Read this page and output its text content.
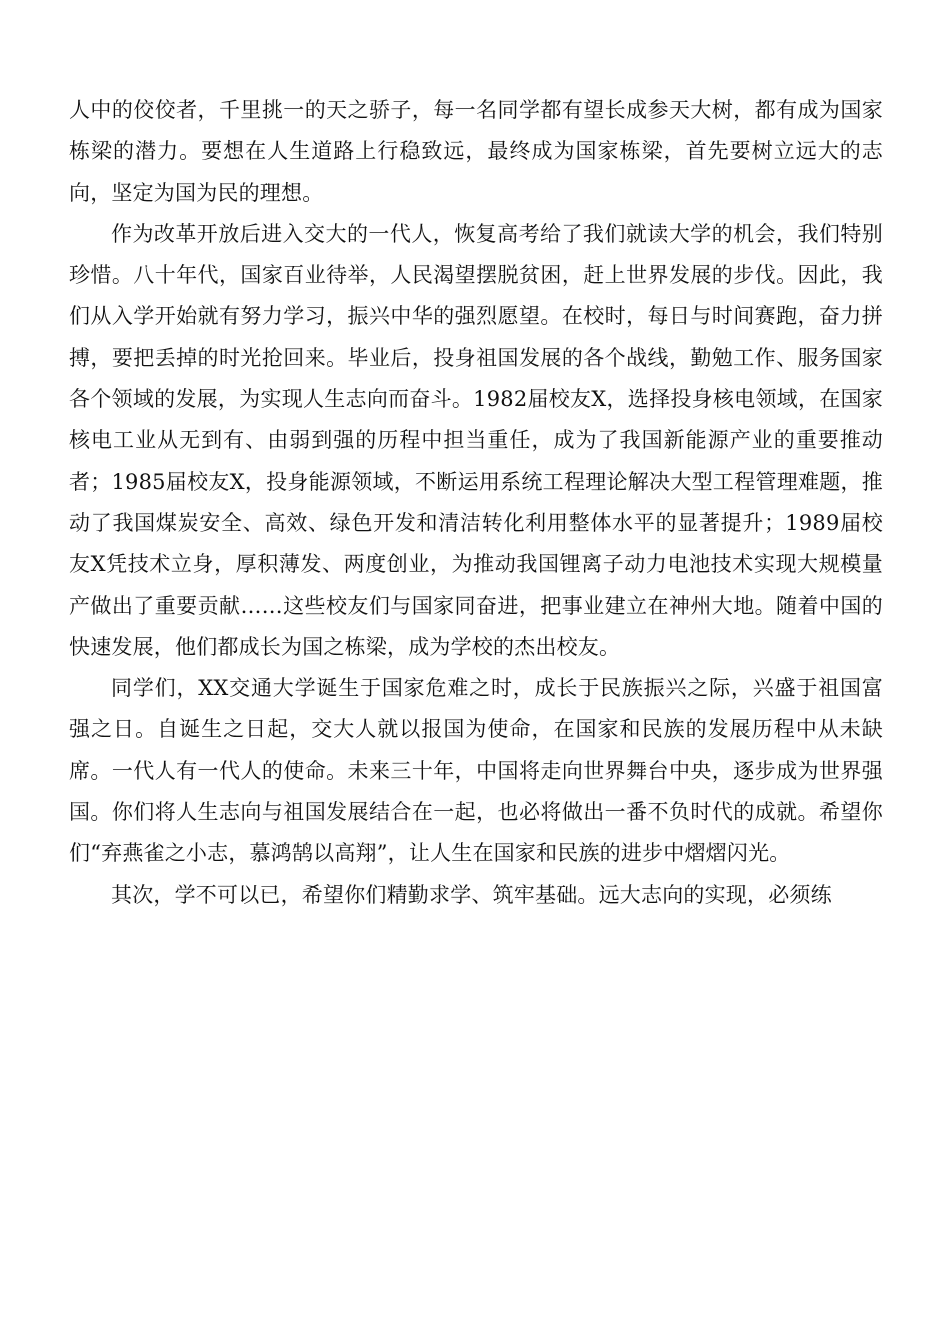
人中的佼佼者，千里挑一的天之骄子，每一名同学都有望长成参天大树，都有成为国家栋梁的潜力。要想在人生道路上行稳致远，最终成为国家栋梁，首先要树立远大的志向，坚定为国为民的理想。

作为改革开放后进入交大的一代人，恢复高考给了我们就读大学的机会，我们特别珍惜。八十年代，国家百业待举，人民渴望摆脱贫困，赶上世界发展的步伐。因此，我们从入学开始就有努力学习，振兴中华的强烈愿望。在校时，每日与时间赛跑，奋力拼搏，要把丢掉的时光抢回来。毕业后，投身祖国发展的各个战线，勤勉工作、服务国家各个领域的发展，为实现人生志向而奋斗。1982届校友X，选择投身核电领域，在国家核电工业从无到有、由弱到强的历程中担当重任，成为了我国新能源产业的重要推动者；1985届校友X，投身能源领域，不断运用系统工程理论解决大型工程管理难题，推动了我国煤炭安全、高效、绿色开发和清洁转化利用整体水平的显著提升；1989届校友X凭技术立身，厚积薄发、两度创业，为推动我国锂离子动力电池技术实现大规模量产做出了重要贡献……这些校友们与国家同奋进，把事业建立在神州大地。随着中国的快速发展，他们都成长为国之栋梁，成为学校的杰出校友。

同学们，XX交通大学诞生于国家危难之时，成长于民族振兴之际，兴盛于祖国富强之日。自诞生之日起，交大人就以报国为使命，在国家和民族的发展历程中从未缺席。一代人有一代人的使命。未来三十年，中国将走向世界舞台中央，逐步成为世界强国。你们将人生志向与祖国发展结合在一起，也必将做出一番不负时代的成就。希望你们“弃燕雀之小志，慕鸿鹄以高翔”，让人生在国家和民族的进步中熠熠闪光。

其次，学不可以已，希望你们精勤求学、筑牢基础。远大志向的实现，必须练
